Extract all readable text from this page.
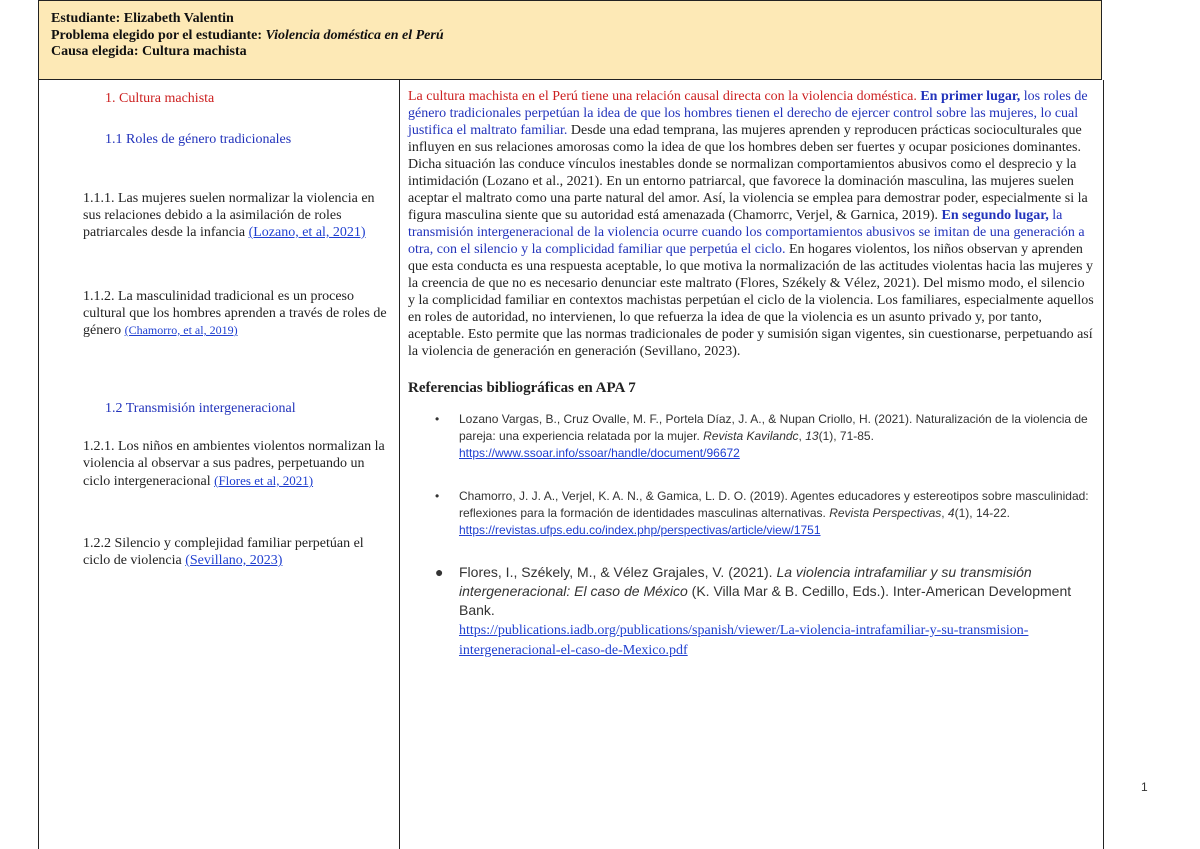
Estudiante: Elizabeth Valentin
Problema elegido por el estudiante: Violencia doméstica en el Perú
Causa elegida: Cultura machista
1. Cultura machista
1.1 Roles de género tradicionales
1.1.1. Las mujeres suelen normalizar la violencia en sus relaciones debido a la asimilación de roles patriarcales desde la infancia (Lozano, et al, 2021)
1.1.2. La masculinidad tradicional es un proceso cultural que los hombres aprenden a través de roles de género (Chamorro, et al, 2019)
1.2 Transmisión intergeneracional
1.2.1. Los niños en ambientes violentos normalizan la violencia al observar a sus padres, perpetuando un ciclo intergeneracional (Flores et al, 2021)
1.2.2 Silencio y complejidad familiar perpetúan el ciclo de violencia (Sevillano, 2023)
La cultura machista en el Perú tiene una relación causal directa con la violencia doméstica. En primer lugar, los roles de género tradicionales perpetúan la idea de que los hombres tienen el derecho de ejercer control sobre las mujeres, lo cual justifica el maltrato familiar. Desde una edad temprana, las mujeres aprenden y reproducen prácticas socioculturales que influyen en sus relaciones amorosas como la idea de que los hombres deben ser fuertes y ocupar posiciones dominantes. Dicha situación las conduce vínculos inestables donde se normalizan comportamientos abusivos como el desprecio y la intimidación (Lozano et al., 2021). En un entorno patriarcal, que favorece la dominación masculina, las mujeres suelen aceptar el maltrato como una parte natural del amor. Así, la violencia se emplea para demostrar poder, especialmente si la figura masculina siente que su autoridad está amenazada (Chamorrc, Verjel, & Garnica, 2019). En segundo lugar, la transmisión intergeneracional de la violencia ocurre cuando los comportamientos abusivos se imitan de una generación a otra, con el silencio y la complicidad familiar que perpetúa el ciclo. En hogares violentos, los niños observan y aprenden que esta conducta es una respuesta aceptable, lo que motiva la normalización de las actitudes violentas hacia las mujeres y la creencia de que no es necesario denunciar este maltrato (Flores, Székely & Vélez, 2021). Del mismo modo, el silencio y la complicidad familiar en contextos machistas perpetúan el ciclo de la violencia. Los familiares, especialmente aquellos en roles de autoridad, no intervienen, lo que refuerza la idea de que la violencia es un asunto privado y, por tanto, aceptable. Esto permite que las normas tradicionales de poder y sumisión sigan vigentes, sin cuestionarse, perpetuando así la violencia de generación en generación (Sevillano, 2023).
Referencias bibliográficas en APA 7
• Lozano Vargas, B., Cruz Ovalle, M. F., Portela Díaz, J. A., & Nupan Criollo, H. (2021). Naturalización de la violencia de pareja: una experiencia relatada por la mujer. Revista Kavilandc, 13(1), 71-85.
https://www.ssoar.info/ssoar/handle/document/96672
• Chamorro, J. J. A., Verjel, K. A. N., & Gamica, L. D. O. (2019). Agentes educadores y estereotipos sobre masculinidad: reflexiones para la formación de identidades masculinas alternativas. Revista Perspectivas, 4(1), 14-22.
https://revistas.ufps.edu.co/index.php/perspectivas/article/view/1751
● Flores, I., Székely, M., & Vélez Grajales, V. (2021). La violencia intrafamiliar y su transmisión intergeneracional: El caso de México (K. Villa Mar & B. Cedillo, Eds.). Inter-American Development Bank.
https://publications.iadb.org/publications/spanish/viewer/La-violencia-intrafamiliar-y-su-transmision-intergeneracional-el-caso-de-Mexico.pdf
1
